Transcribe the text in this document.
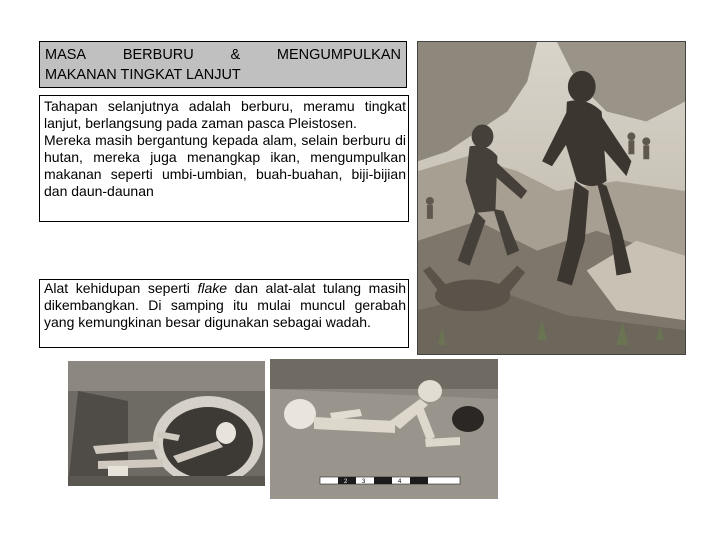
MASA	BERBURU	&	MENGUMPULKAN
MAKANAN TINGKAT LANJUT

Tahapan selanjutnya adalah berburu, meramu tingkat lanjut, berlangsung pada zaman pasca Pleistosen.

Mereka masih bergantung kepada alam, selain berburu di hutan, mereka juga menangkap ikan, mengumpulkan makanan seperti umbi-umbian, buah-buahan, biji-bijian dan daun-daunan

Alat kehidupan seperti flake dan alat-alat tulang masih dikembangkan. Di samping itu mulai muncul gerabah yang kemungkinan besar digunakan sebagai wadah.

2 3	4
